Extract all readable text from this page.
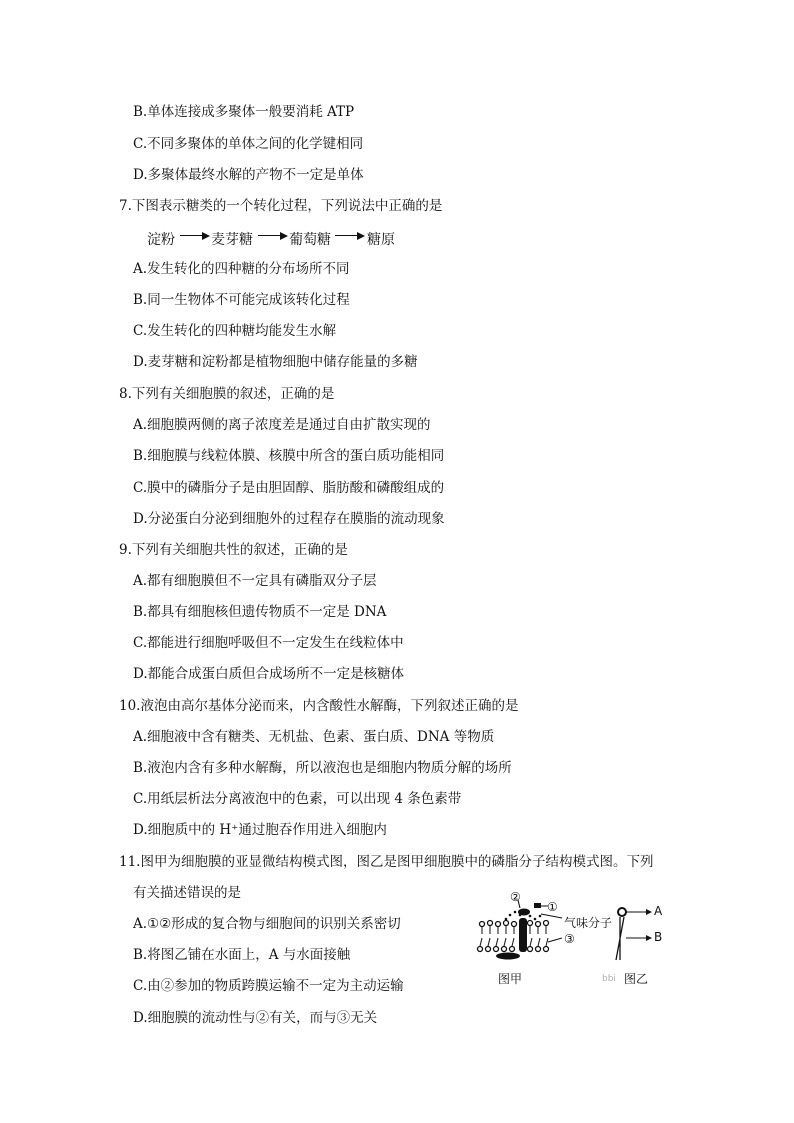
B.单体连接成多聚体一般要消耗 ATP
C.不同多聚体的单体之间的化学键相同
D.多聚体最终水解的产物不一定是单体
7.下图表示糖类的一个转化过程，下列说法中正确的是
淀粉	麦芽糖	葡萄糖	糖原
A.发生转化的四种糖的分布场所不同
B.同一生物体不可能完成该转化过程
C.发生转化的四种糖均能发生水解
D.麦芽糖和淀粉都是植物细胞中储存能量的多糖
8.下列有关细胞膜的叙述，正确的是
A.细胞膜两侧的离子浓度差是通过自由扩散实现的
B.细胞膜与线粒体膜、核膜中所含的蛋白质功能相同
C.膜中的磷脂分子是由胆固醇、脂肪酸和磷酸组成的
D.分泌蛋白分泌到细胞外的过程存在膜脂的流动现象
9.下列有关细胞共性的叙述，正确的是
A.都有细胞膜但不一定具有磷脂双分子层
B.都具有细胞核但遗传物质不一定是 DNA
C.都能进行细胞呼吸但不一定发生在线粒体中
D.都能合成蛋白质但合成场所不一定是核糖体
10.液泡由高尔基体分泌而来，内含酸性水解酶，下列叙述正确的是
A.细胞液中含有糖类、无机盐、色素、蛋白质、DNA 等物质
B.液泡内含有多种水解酶，所以液泡也是细胞内物质分解的场所
C.用纸层析法分离液泡中的色素，可以出现 4 条色素带
D.细胞质中的 H⁺通过胞吞作用进入细胞内
11.图甲为细胞膜的亚显微结构模式图，图乙是图甲细胞膜中的磷脂分子结构模式图。下列
有关描述错误的是
A.①②形成的复合物与细胞间的识别关系密切
B.将图乙铺在水面上，A 与水面接触
C.由②参加的物质跨膜运输不一定为主动运输
D.细胞膜的流动性与②有关，而与③无关
②
①
气味分子
③
A
B
图甲	bbi 图乙
